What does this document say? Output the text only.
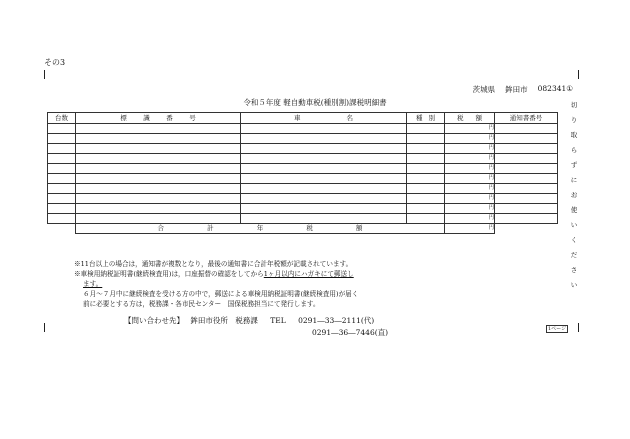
その3
茨城県 鉾田市 082341①
令和５年度 軽自動車税(種別割)課税明細書	切
り
取
ら
ず
に
お
使
い
く
だ
さ
い
台数	標 識 番 号	車 名	種 別	税 額	通知書番号
				円	
				円	
				円	
				円	
				円	
				円	
				円	
				円	
				円	
				円	

	合 計 年 税 額			円	

※11台以上の場合は，通知書が複数となり，最後の通知書に合計年税額が記載されています。

※車検用納税証明書(継続検査用)は，口座振替の確認をしてから1ヶ月以内にハガキにて郵送し

ます。

６月～７月中に継続検査を受ける方の中で，郵送による車検用納税証明書(継続検査用)が届く

前に必要とする方は，税務課・各市民センター　国保税務担当にて発行します。

【問い合わせ先】 鉾田市役所　税務課 TEL 0291―33―2111(代)
0291―36―7446(直)	1ページ
